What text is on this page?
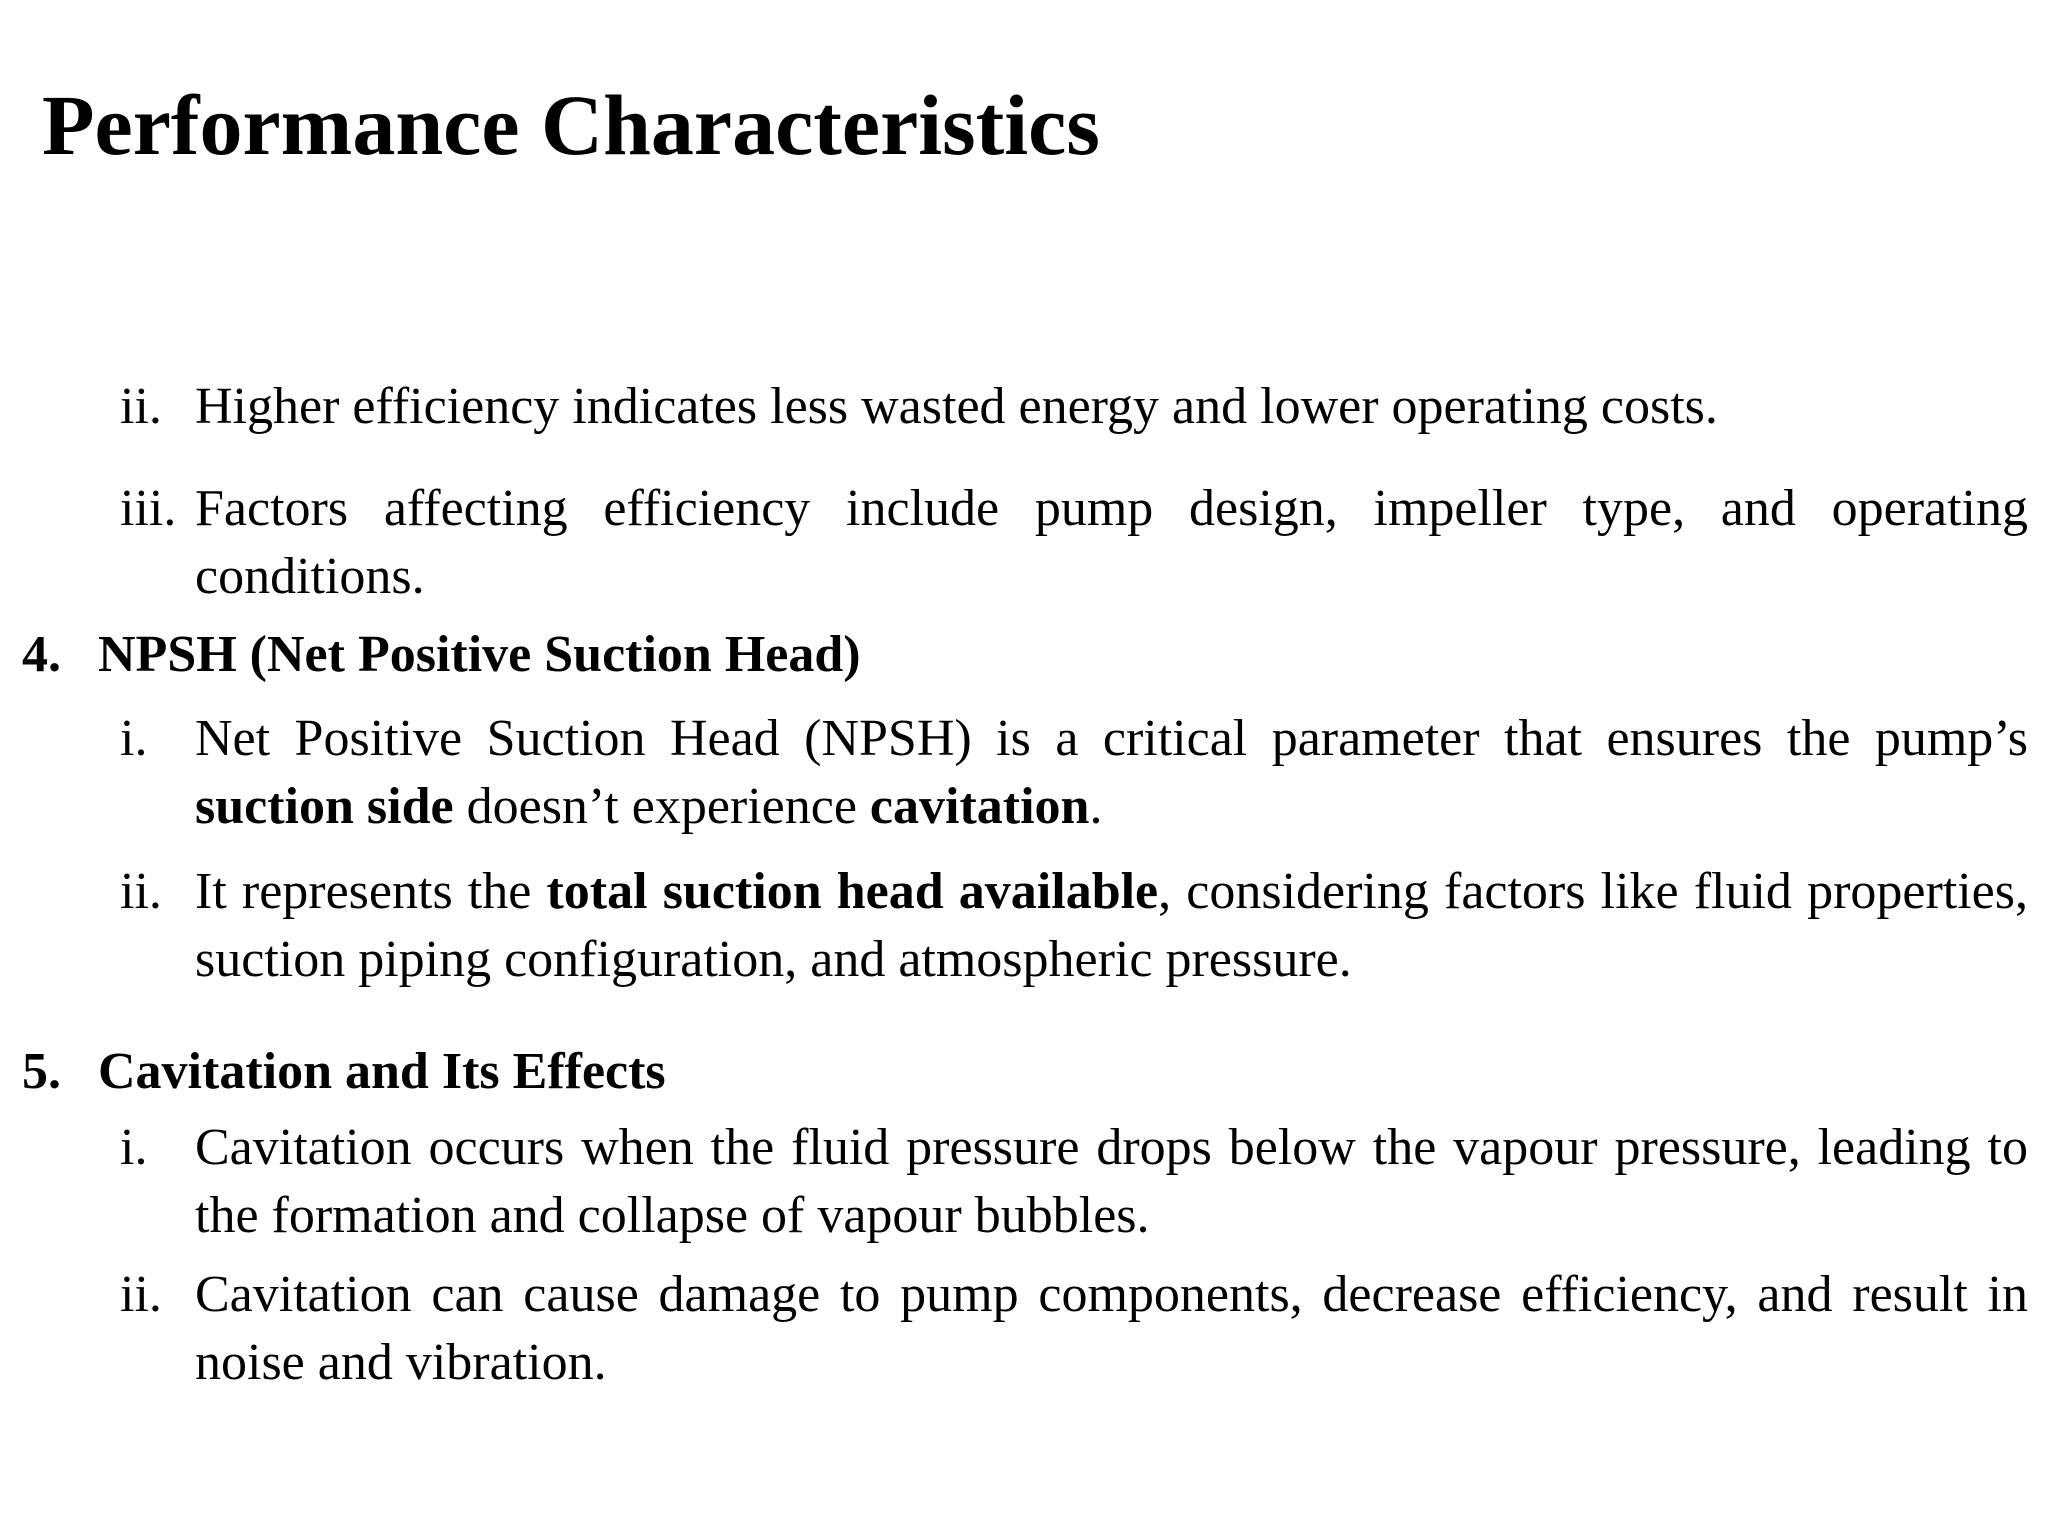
Performance Characteristics
ii. Higher efficiency indicates less wasted energy and lower operating costs.
iii. Factors affecting efficiency include pump design, impeller type, and operating conditions.
4. NPSH (Net Positive Suction Head)
i. Net Positive Suction Head (NPSH) is a critical parameter that ensures the pump’s suction side doesn’t experience cavitation.
ii. It represents the total suction head available, considering factors like fluid properties, suction piping configuration, and atmospheric pressure.
5. Cavitation and Its Effects
i. Cavitation occurs when the fluid pressure drops below the vapour pressure, leading to the formation and collapse of vapour bubbles.
ii. Cavitation can cause damage to pump components, decrease efficiency, and result in noise and vibration.
